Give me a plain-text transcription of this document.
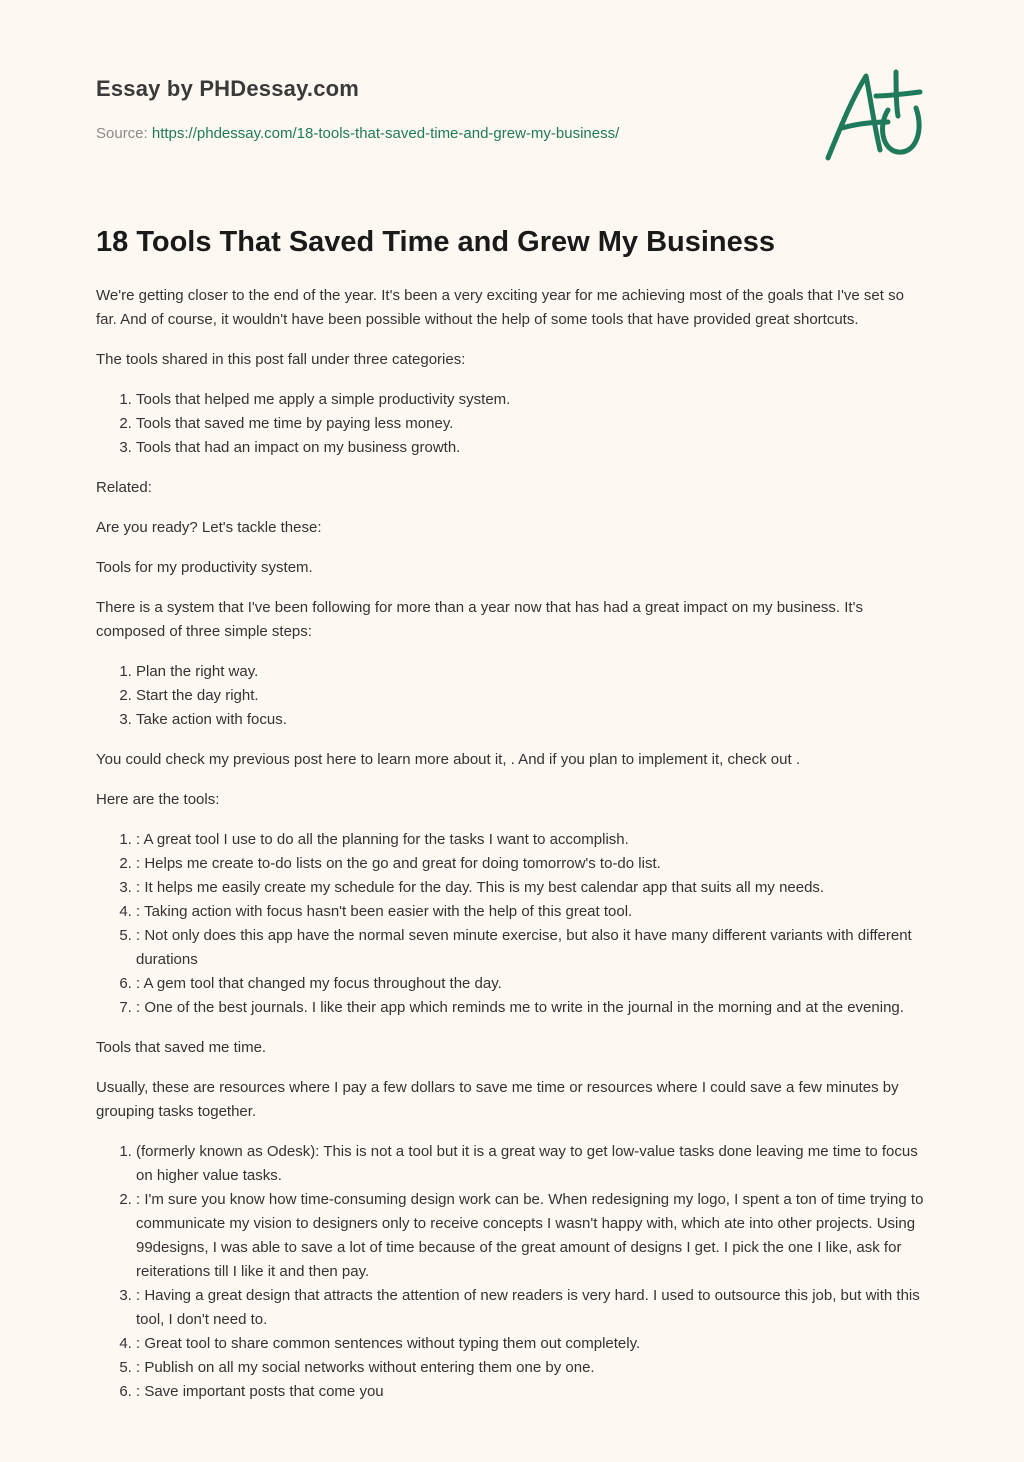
Essay by PHDessay.com
Source: https://phdessay.com/18-tools-that-saved-time-and-grew-my-business/
18 Tools That Saved Time and Grew My Business

We're getting closer to the end of the year. It's been a very exciting year for me achieving most of the goals that I've set so far. And of course, it wouldn't have been possible without the help of some tools that have provided great shortcuts.

The tools shared in this post fall under three categories:

1. Tools that helped me apply a simple productivity system.
2. Tools that saved me time by paying less money.
3. Tools that had an impact on my business growth.

Related:

Are you ready? Let's tackle these:

Tools for my productivity system.

There is a system that I've been following for more than a year now that has had a great impact on my business. It's composed of three simple steps:

1. Plan the right way.
2. Start the day right.
3. Take action with focus.

You could check my previous post here to learn more about it, . And if you plan to implement it, check out .

Here are the tools:

1. : A great tool I use to do all the planning for the tasks I want to accomplish.
2. : Helps me create to-do lists on the go and great for doing tomorrow's to-do list.
3. : It helps me easily create my schedule for the day. This is my best calendar app that suits all my needs.
4. : Taking action with focus hasn't been easier with the help of this great tool.
5. : Not only does this app have the normal seven minute exercise, but also it have many different variants with different durations
6. : A gem tool that changed my focus throughout the day.
7. : One of the best journals. I like their app which reminds me to write in the journal in the morning and at the evening.

Tools that saved me time.

Usually, these are resources where I pay a few dollars to save me time or resources where I could save a few minutes by grouping tasks together.

1. (formerly known as Odesk): This is not a tool but it is a great way to get low-value tasks done leaving me time to focus on higher value tasks.
2. : I'm sure you know how time-consuming design work can be. When redesigning my logo, I spent a ton of time trying to communicate my vision to designers only to receive concepts I wasn't happy with, which ate into other projects. Using 99designs, I was able to save a lot of time because of the great amount of designs I get. I pick the one I like, ask for reiterations till I like it and then pay.
3. : Having a great design that attracts the attention of new readers is very hard. I used to outsource this job, but with this tool, I don't need to.
4. : Great tool to share common sentences without typing them out completely.
5. : Publish on all my social networks without entering them one by one.
6. : Save important posts that come you
